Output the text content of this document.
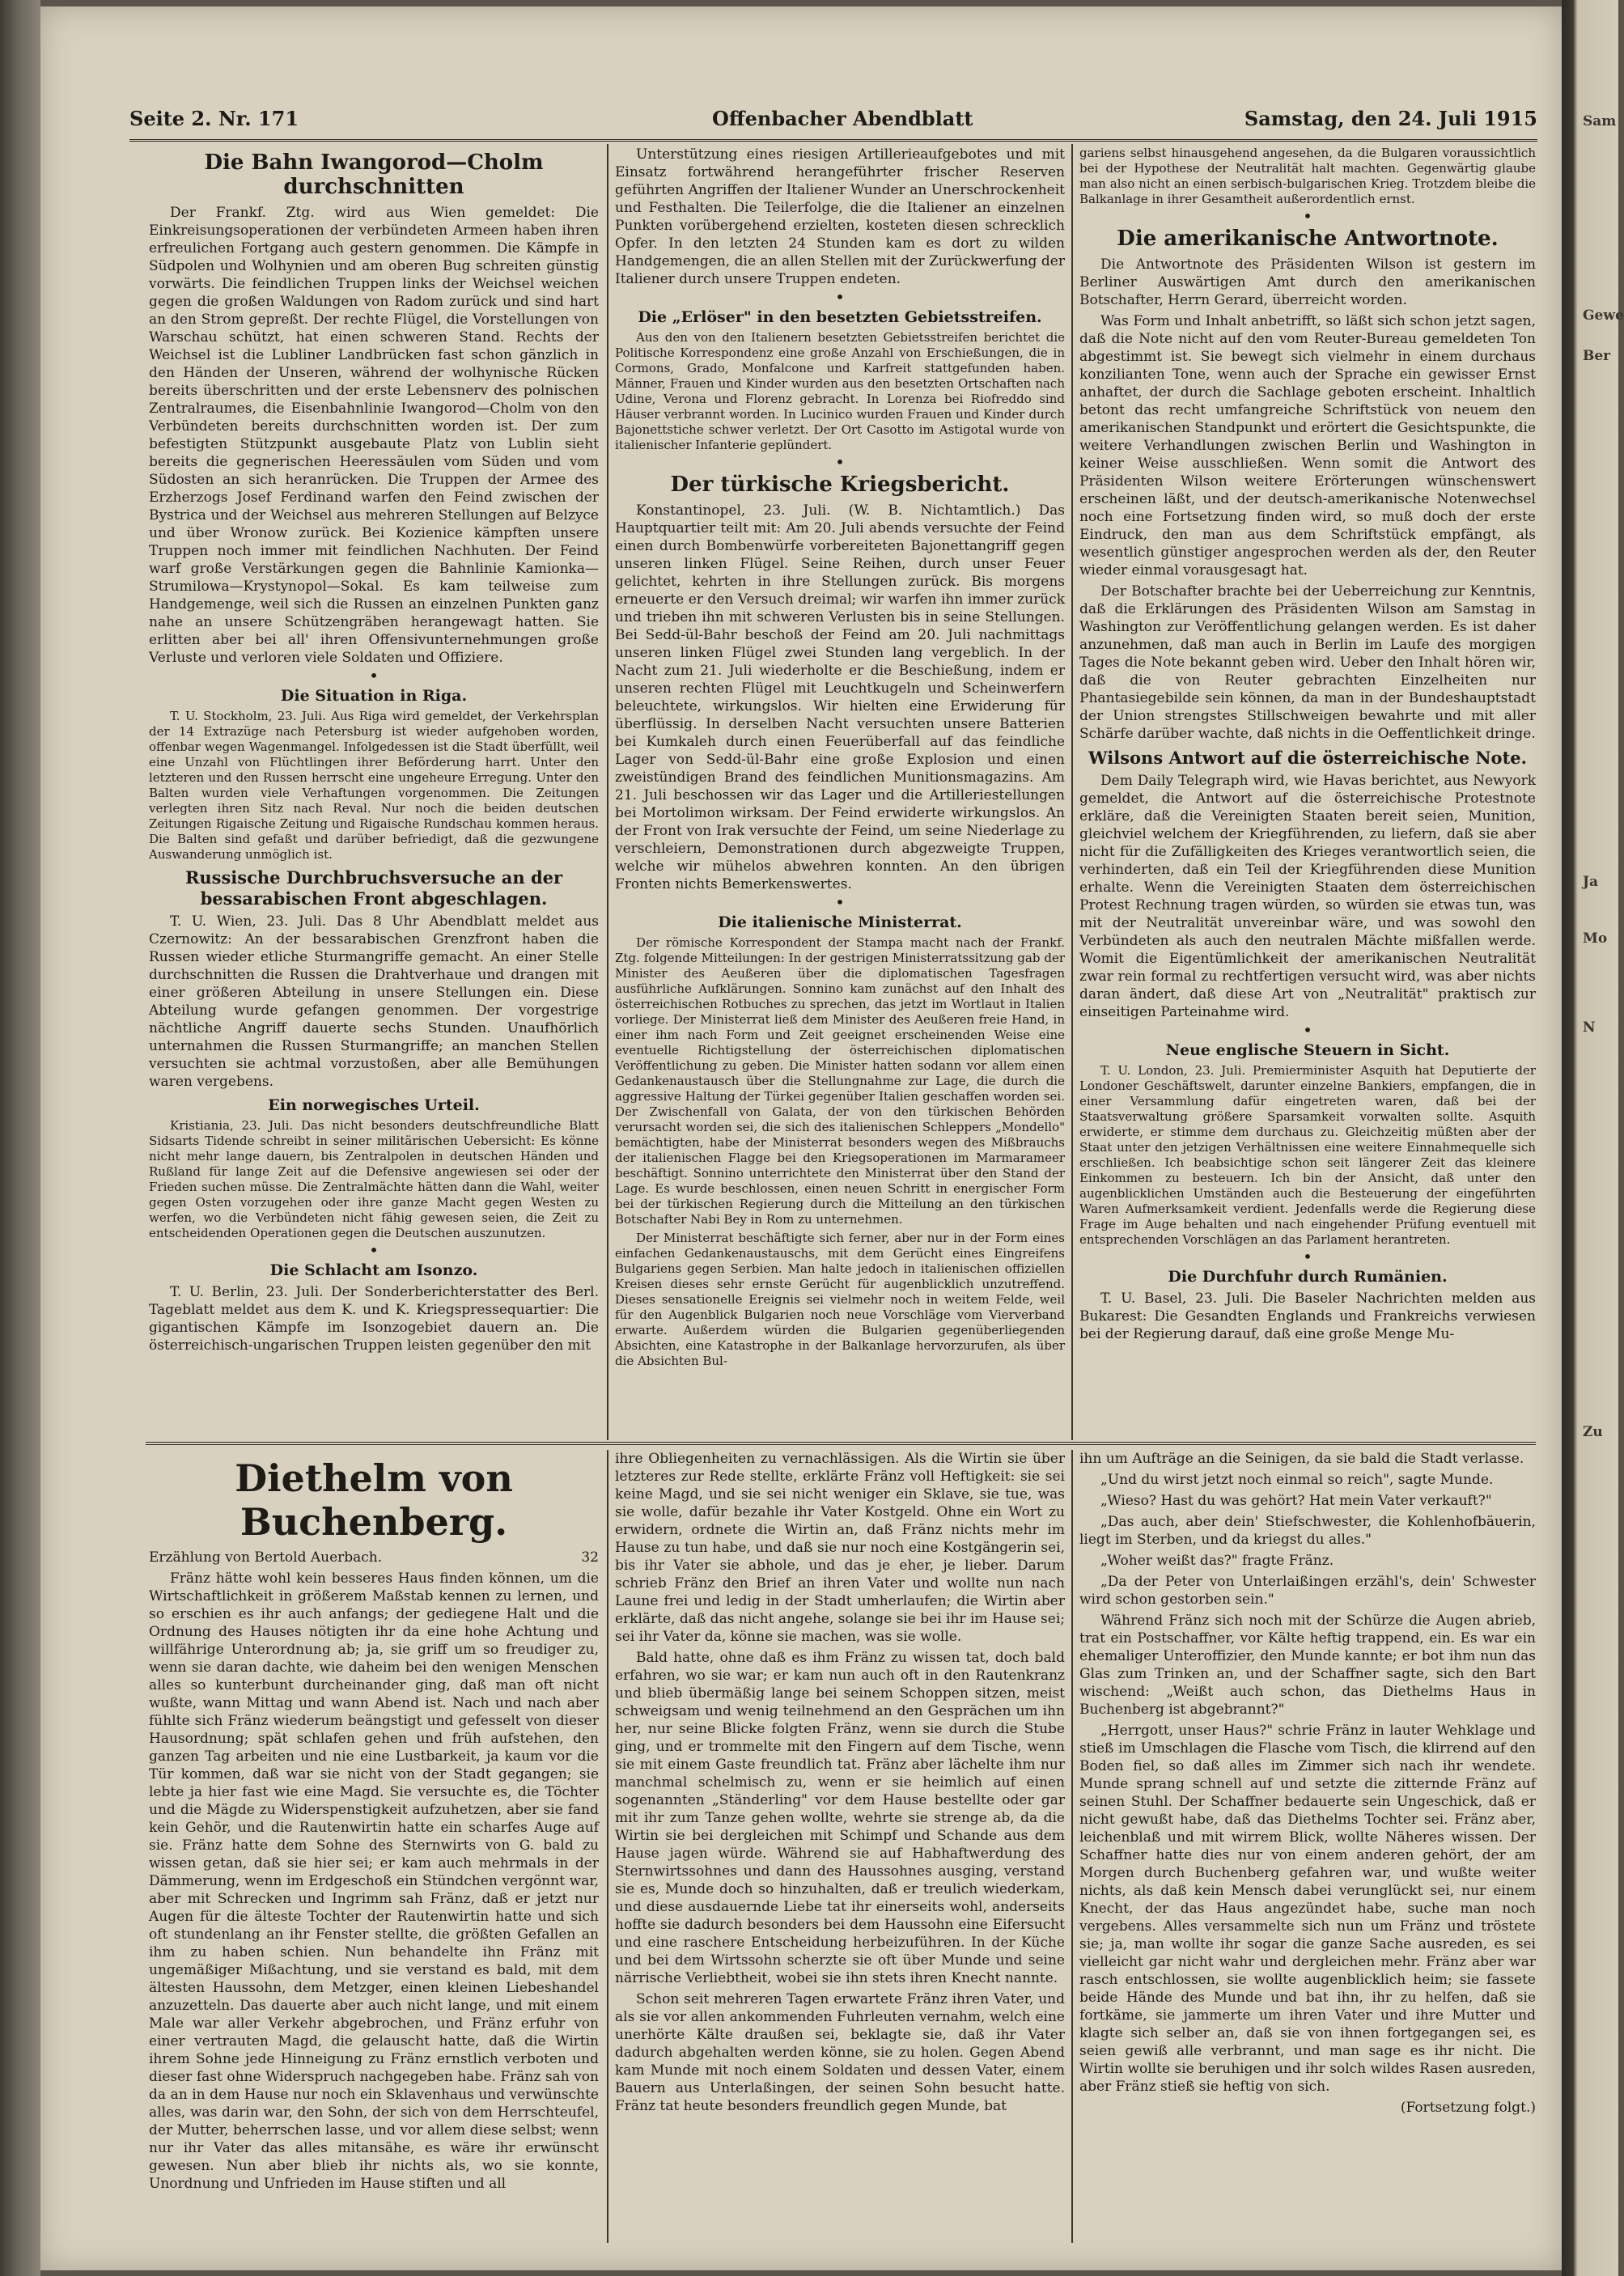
Sam
Gewe
Ber
Ja
Mo
N
Zu
Seite 2. Nr. 171	Offenbacher Abendblatt	Samstag, den 24. Juli 1915
Die Bahn Iwangorod—Cholm durchschnitten

Der Frankf. Ztg. wird aus Wien gemeldet: Die Einkreisungsoperationen der verbündeten Armeen haben ihren erfreulichen Fortgang auch gestern genommen. Die Kämpfe in Südpolen und Wolhynien und am oberen Bug schreiten günstig vorwärts. Die feindlichen Truppen links der Weichsel weichen gegen die großen Waldungen von Radom zurück und sind hart an den Strom gepreßt. Der rechte Flügel, die Vorstellungen von Warschau schützt, hat einen schweren Stand. Rechts der Weichsel ist die Lubliner Landbrücken fast schon gänzlich in den Händen der Unseren, während der wolhynische Rücken bereits überschritten und der erste Lebensnerv des polnischen Zentralraumes, die Eisenbahnlinie Iwangorod—Cholm von den Verbündeten bereits durchschnitten worden ist. Der zum befestigten Stützpunkt ausgebaute Platz von Lublin sieht bereits die gegnerischen Heeressäulen vom Süden und vom Südosten an sich heranrücken. Die Truppen der Armee des Erzherzogs Josef Ferdinand warfen den Feind zwischen der Bystrica und der Weichsel aus mehreren Stellungen auf Belzyce und über Wronow zurück. Bei Kozienice kämpften unsere Truppen noch immer mit feindlichen Nachhuten. Der Feind warf große Verstärkungen gegen die Bahnlinie Kamionka—Strumilowa—Krystynopol—Sokal. Es kam teilweise zum Handgemenge, weil sich die Russen an einzelnen Punkten ganz nahe an unsere Schützengräben herangewagt hatten. Sie erlitten aber bei all' ihren Offensivunternehmungen große Verluste und verloren viele Soldaten und Offiziere.

•
Die Situation in Riga.

T. U. Stockholm, 23. Juli. Aus Riga wird gemeldet, der Verkehrsplan der 14 Extrazüge nach Petersburg ist wieder aufgehoben worden, offenbar wegen Wagenmangel. Infolgedessen ist die Stadt überfüllt, weil eine Unzahl von Flüchtlingen ihrer Beförderung harrt. Unter den letzteren und den Russen herrscht eine ungeheure Erregung. Unter den Balten wurden viele Verhaftungen vorgenommen. Die Zeitungen verlegten ihren Sitz nach Reval. Nur noch die beiden deutschen Zeitungen Rigaische Zeitung und Rigaische Rundschau kommen heraus. Die Balten sind gefaßt und darüber befriedigt, daß die gezwungene Auswanderung unmöglich ist.

Russische Durchbruchsversuche an der bessarabischen Front abgeschlagen.

T. U. Wien, 23. Juli. Das 8 Uhr Abendblatt meldet aus Czernowitz: An der bessarabischen Grenzfront haben die Russen wieder etliche Sturmangriffe gemacht. An einer Stelle durchschnitten die Russen die Drahtverhaue und drangen mit einer größeren Abteilung in unsere Stellungen ein. Diese Abteilung wurde gefangen genommen. Der vorgestrige nächtliche Angriff dauerte sechs Stunden. Unaufhörlich unternahmen die Russen Sturmangriffe; an manchen Stellen versuchten sie achtmal vorzustoßen, aber alle Bemühungen waren vergebens.

Ein norwegisches Urteil.

Kristiania, 23. Juli. Das nicht besonders deutschfreundliche Blatt Sidsarts Tidende schreibt in seiner militärischen Uebersicht: Es könne nicht mehr lange dauern, bis Zentralpolen in deutschen Händen und Rußland für lange Zeit auf die Defensive angewiesen sei oder der Frieden suchen müsse. Die Zentralmächte hätten dann die Wahl, weiter gegen Osten vorzugehen oder ihre ganze Macht gegen Westen zu werfen, wo die Verbündeten nicht fähig gewesen seien, die Zeit zu entscheidenden Operationen gegen die Deutschen auszunutzen.

•
Die Schlacht am Isonzo.

T. U. Berlin, 23. Juli. Der Sonderberichterstatter des Berl. Tageblatt meldet aus dem K. und K. Kriegspressequartier: Die gigantischen Kämpfe im Isonzogebiet dauern an. Die österreichisch-ungarischen Truppen leisten gegenüber den mit

Unterstützung eines riesigen Artillerieaufgebotes und mit Einsatz fortwährend herangeführter frischer Reserven geführten Angriffen der Italiener Wunder an Unerschrockenheit und Festhalten. Die Teilerfolge, die die Italiener an einzelnen Punkten vorübergehend erzielten, kosteten diesen schrecklich Opfer. In den letzten 24 Stunden kam es dort zu wilden Handgemengen, die an allen Stellen mit der Zurückwerfung der Italiener durch unsere Truppen endeten.

•
Die „Erlöser" in den besetzten Gebietsstreifen.

Aus den von den Italienern besetzten Gebietsstreifen berichtet die Politische Korrespondenz eine große Anzahl von Erschießungen, die in Cormons, Grado, Monfalcone und Karfreit stattgefunden haben. Männer, Frauen und Kinder wurden aus den besetzten Ortschaften nach Udine, Verona und Florenz gebracht. In Lorenza bei Riofreddo sind Häuser verbrannt worden. In Lucinico wurden Frauen und Kinder durch Bajonettstiche schwer verletzt. Der Ort Casotto im Astigotal wurde von italienischer Infanterie geplündert.

•
Der türkische Kriegsbericht.

Konstantinopel, 23. Juli. (W. B. Nichtamtlich.) Das Hauptquartier teilt mit: Am 20. Juli abends versuchte der Feind einen durch Bombenwürfe vorbereiteten Bajonettangriff gegen unseren linken Flügel. Seine Reihen, durch unser Feuer gelichtet, kehrten in ihre Stellungen zurück. Bis morgens erneuerte er den Versuch dreimal; wir warfen ihn immer zurück und trieben ihn mit schweren Verlusten bis in seine Stellungen. Bei Sedd-ül-Bahr beschoß der Feind am 20. Juli nachmittags unseren linken Flügel zwei Stunden lang vergeblich. In der Nacht zum 21. Juli wiederholte er die Beschießung, indem er unseren rechten Flügel mit Leuchtkugeln und Scheinwerfern beleuchtete, wirkungslos. Wir hielten eine Erwiderung für überflüssig. In derselben Nacht versuchten unsere Batterien bei Kumkaleh durch einen Feuerüberfall auf das feindliche Lager von Sedd-ül-Bahr eine große Explosion und einen zweistündigen Brand des feindlichen Munitionsmagazins. Am 21. Juli beschossen wir das Lager und die Artilleriestellungen bei Mortolimon wirksam. Der Feind erwiderte wirkungslos. An der Front von Irak versuchte der Feind, um seine Niederlage zu verschleiern, Demonstrationen durch abgezweigte Truppen, welche wir mühelos abwehren konnten. An den übrigen Fronten nichts Bemerkenswertes.

•
Die italienische Ministerrat.

Der römische Korrespondent der Stampa macht nach der Frankf. Ztg. folgende Mitteilungen: In der gestrigen Ministerratssitzung gab der Minister des Aeußeren über die diplomatischen Tagesfragen ausführliche Aufklärungen. Sonnino kam zunächst auf den Inhalt des österreichischen Rotbuches zu sprechen, das jetzt im Wortlaut in Italien vorliege. Der Ministerrat ließ dem Minister des Aeußeren freie Hand, in einer ihm nach Form und Zeit geeignet erscheinenden Weise eine eventuelle Richtigstellung der österreichischen diplomatischen Veröffentlichung zu geben. Die Minister hatten sodann vor allem einen Gedankenaustausch über die Stellungnahme zur Lage, die durch die aggressive Haltung der Türkei gegenüber Italien geschaffen worden sei. Der Zwischenfall von Galata, der von den türkischen Behörden verursacht worden sei, die sich des italienischen Schleppers „Mondello" bemächtigten, habe der Ministerrat besonders wegen des Mißbrauchs der italienischen Flagge bei den Kriegsoperationen im Marmarameer beschäftigt. Sonnino unterrichtete den Ministerrat über den Stand der Lage. Es wurde beschlossen, einen neuen Schritt in energischer Form bei der türkischen Regierung durch die Mitteilung an den türkischen Botschafter Nabi Bey in Rom zu unternehmen.

Der Ministerrat beschäftigte sich ferner, aber nur in der Form eines einfachen Gedankenaustauschs, mit dem Gerücht eines Eingreifens Bulgariens gegen Serbien. Man halte jedoch in italienischen offiziellen Kreisen dieses sehr ernste Gerücht für augenblicklich unzutreffend. Dieses sensationelle Ereignis sei vielmehr noch in weitem Felde, weil für den Augenblick Bulgarien noch neue Vorschläge vom Vierverband erwarte. Außerdem würden die Bulgarien gegenüberliegenden Absichten, eine Katastrophe in der Balkanlage hervorzurufen, als über die Absichten Bul-

gariens selbst hinausgehend angesehen, da die Bulgaren voraussichtlich bei der Hypothese der Neutralität halt machten. Gegenwärtig glaube man also nicht an einen serbisch-bulgarischen Krieg. Trotzdem bleibe die Balkanlage in ihrer Gesamtheit außerordentlich ernst.

•
Die amerikanische Antwortnote.

Die Antwortnote des Präsidenten Wilson ist gestern im Berliner Auswärtigen Amt durch den amerikanischen Botschafter, Herrn Gerard, überreicht worden.

Was Form und Inhalt anbetrifft, so läßt sich schon jetzt sagen, daß die Note nicht auf den vom Reuter-Bureau gemeldeten Ton abgestimmt ist. Sie bewegt sich vielmehr in einem durchaus konzilianten Tone, wenn auch der Sprache ein gewisser Ernst anhaftet, der durch die Sachlage geboten erscheint. Inhaltlich betont das recht umfangreiche Schriftstück von neuem den amerikanischen Standpunkt und erörtert die Gesichtspunkte, die weitere Verhandlungen zwischen Berlin und Washington in keiner Weise ausschließen. Wenn somit die Antwort des Präsidenten Wilson weitere Erörterungen wünschenswert erscheinen läßt, und der deutsch-amerikanische Notenwechsel noch eine Fortsetzung finden wird, so muß doch der erste Eindruck, den man aus dem Schriftstück empfängt, als wesentlich günstiger angesprochen werden als der, den Reuter wieder einmal vorausgesagt hat.

Der Botschafter brachte bei der Ueberreichung zur Kenntnis, daß die Erklärungen des Präsidenten Wilson am Samstag in Washington zur Veröffentlichung gelangen werden. Es ist daher anzunehmen, daß man auch in Berlin im Laufe des morgigen Tages die Note bekannt geben wird. Ueber den Inhalt hören wir, daß die von Reuter gebrachten Einzelheiten nur Phantasiegebilde sein können, da man in der Bundeshauptstadt der Union strengstes Stillschweigen bewahrte und mit aller Schärfe darüber wachte, daß nichts in die Oeffentlichkeit dringe.

Wilsons Antwort auf die österreichische Note.

Dem Daily Telegraph wird, wie Havas berichtet, aus Newyork gemeldet, die Antwort auf die österreichische Protestnote erkläre, daß die Vereinigten Staaten bereit seien, Munition, gleichviel welchem der Kriegführenden, zu liefern, daß sie aber nicht für die Zufälligkeiten des Krieges verantwortlich seien, die verhinderten, daß ein Teil der Kriegführenden diese Munition erhalte. Wenn die Vereinigten Staaten dem österreichischen Protest Rechnung tragen würden, so würden sie etwas tun, was mit der Neutralität unvereinbar wäre, und was sowohl den Verbündeten als auch den neutralen Mächte mißfallen werde. Womit die Eigentümlichkeit der amerikanischen Neutralität zwar rein formal zu rechtfertigen versucht wird, was aber nichts daran ändert, daß diese Art von „Neutralität" praktisch zur einseitigen Parteinahme wird.

•
Neue englische Steuern in Sicht.

T. U. London, 23. Juli. Premierminister Asquith hat Deputierte der Londoner Geschäftswelt, darunter einzelne Bankiers, empfangen, die in einer Versammlung dafür eingetreten waren, daß bei der Staatsverwaltung größere Sparsamkeit vorwalten sollte. Asquith erwiderte, er stimme dem durchaus zu. Gleichzeitig müßten aber der Staat unter den jetzigen Verhältnissen eine weitere Einnahmequelle sich erschließen. Ich beabsichtige schon seit längerer Zeit das kleinere Einkommen zu besteuern. Ich bin der Ansicht, daß unter den augenblicklichen Umständen auch die Besteuerung der eingeführten Waren Aufmerksamkeit verdient. Jedenfalls werde die Regierung diese Frage im Auge behalten und nach eingehender Prüfung eventuell mit entsprechenden Vorschlägen an das Parlament herantreten.

•
Die Durchfuhr durch Rumänien.

T. U. Basel, 23. Juli. Die Baseler Nachrichten melden aus Bukarest: Die Gesandten Englands und Frankreichs verwiesen bei der Regierung darauf, daß eine große Menge Mu-

Diethelm von Buchenberg.
Erzählung von Bertold Auerbach.	32

Fränz hätte wohl kein besseres Haus finden können, um die Wirtschaftlichkeit in größerem Maßstab kennen zu lernen, und so erschien es ihr auch anfangs; der gediegene Halt und die Ordnung des Hauses nötigten ihr da eine hohe Achtung und willfährige Unterordnung ab; ja, sie griff um so freudiger zu, wenn sie daran dachte, wie daheim bei den wenigen Menschen alles so kunterbunt durcheinander ging, daß man oft nicht wußte, wann Mittag und wann Abend ist. Nach und nach aber fühlte sich Fränz wiederum beängstigt und gefesselt von dieser Hausordnung; spät schlafen gehen und früh aufstehen, den ganzen Tag arbeiten und nie eine Lustbarkeit, ja kaum vor die Tür kommen, daß war sie nicht von der Stadt gegangen; sie lebte ja hier fast wie eine Magd. Sie versuchte es, die Töchter und die Mägde zu Widerspenstigkeit aufzuhetzen, aber sie fand kein Gehör, und die Rautenwirtin hatte ein scharfes Auge auf sie. Fränz hatte dem Sohne des Sternwirts von G. bald zu wissen getan, daß sie hier sei; er kam auch mehrmals in der Dämmerung, wenn im Erdgeschoß ein Stündchen vergönnt war, aber mit Schrecken und Ingrimm sah Fränz, daß er jetzt nur Augen für die älteste Tochter der Rautenwirtin hatte und sich oft stundenlang an ihr Fenster stellte, die größten Gefallen an ihm zu haben schien. Nun behandelte ihn Fränz mit ungemäßiger Mißachtung, und sie verstand es bald, mit dem ältesten Haussohn, dem Metzger, einen kleinen Liebeshandel anzuzetteln. Das dauerte aber auch nicht lange, und mit einem Male war aller Verkehr abgebrochen, und Fränz erfuhr von einer vertrauten Magd, die gelauscht hatte, daß die Wirtin ihrem Sohne jede Hinneigung zu Fränz ernstlich verboten und dieser fast ohne Widerspruch nachgegeben habe. Fränz sah von da an in dem Hause nur noch ein Sklavenhaus und verwünschte alles, was darin war, den Sohn, der sich von dem Herrschteufel, der Mutter, beherrschen lasse, und vor allem diese selbst; wenn nur ihr Vater das alles mitansähe, es wäre ihr erwünscht gewesen. Nun aber blieb ihr nichts als, wo sie konnte, Unordnung und Unfrieden im Hause stiften und all

ihre Obliegenheiten zu vernachlässigen. Als die Wirtin sie über letzteres zur Rede stellte, erklärte Fränz voll Heftigkeit: sie sei keine Magd, und sie sei nicht weniger ein Sklave, sie tue, was sie wolle, dafür bezahle ihr Vater Kostgeld. Ohne ein Wort zu erwidern, ordnete die Wirtin an, daß Fränz nichts mehr im Hause zu tun habe, und daß sie nur noch eine Kostgängerin sei, bis ihr Vater sie abhole, und das je eher, je lieber. Darum schrieb Fränz den Brief an ihren Vater und wollte nun nach Laune frei und ledig in der Stadt umherlaufen; die Wirtin aber erklärte, daß das nicht angehe, solange sie bei ihr im Hause sei; sei ihr Vater da, könne sie machen, was sie wolle.

Bald hatte, ohne daß es ihm Fränz zu wissen tat, doch bald erfahren, wo sie war; er kam nun auch oft in den Rautenkranz und blieb übermäßig lange bei seinem Schoppen sitzen, meist schweigsam und wenig teilnehmend an den Gesprächen um ihn her, nur seine Blicke folgten Fränz, wenn sie durch die Stube ging, und er trommelte mit den Fingern auf dem Tische, wenn sie mit einem Gaste freundlich tat. Fränz aber lächelte ihm nur manchmal schelmisch zu, wenn er sie heimlich auf einen sogenannten „Ständerling" vor dem Hause bestellte oder gar mit ihr zum Tanze gehen wollte, wehrte sie strenge ab, da die Wirtin sie bei dergleichen mit Schimpf und Schande aus dem Hause jagen würde. Während sie auf Habhaftwerdung des Sternwirtssohnes und dann des Haussohnes ausging, verstand sie es, Munde doch so hinzuhalten, daß er treulich wiederkam, und diese ausdauernde Liebe tat ihr einerseits wohl, anderseits hoffte sie dadurch besonders bei dem Haussohn eine Eifersucht und eine raschere Entscheidung herbeizuführen. In der Küche und bei dem Wirtssohn scherzte sie oft über Munde und seine närrische Verliebtheit, wobei sie ihn stets ihren Knecht nannte.

Schon seit mehreren Tagen erwartete Fränz ihren Vater, und als sie vor allen ankommenden Fuhrleuten vernahm, welch eine unerhörte Kälte draußen sei, beklagte sie, daß ihr Vater dadurch abgehalten werden könne, sie zu holen. Gegen Abend kam Munde mit noch einem Soldaten und dessen Vater, einem Bauern aus Unterlaßingen, der seinen Sohn besucht hatte. Fränz tat heute besonders freundlich gegen Munde, bat

ihn um Aufträge an die Seinigen, da sie bald die Stadt verlasse.

„Und du wirst jetzt noch einmal so reich", sagte Munde.

„Wieso? Hast du was gehört? Hat mein Vater verkauft?"

„Das auch, aber dein' Stiefschwester, die Kohlenhofbäuerin, liegt im Sterben, und da kriegst du alles."

„Woher weißt das?" fragte Fränz.

„Da der Peter von Unterlaißingen erzähl's, dein' Schwester wird schon gestorben sein."

Während Fränz sich noch mit der Schürze die Augen abrieb, trat ein Postschaffner, vor Kälte heftig trappend, ein. Es war ein ehemaliger Unteroffizier, den Munde kannte; er bot ihm nun das Glas zum Trinken an, und der Schaffner sagte, sich den Bart wischend: „Weißt auch schon, das Diethelms Haus in Buchenberg ist abgebrannt?"

„Herrgott, unser Haus?" schrie Fränz in lauter Wehklage und stieß im Umschlagen die Flasche vom Tisch, die klirrend auf den Boden fiel, so daß alles im Zimmer sich nach ihr wendete. Munde sprang schnell auf und setzte die zitternde Fränz auf seinen Stuhl. Der Schaffner bedauerte sein Ungeschick, daß er nicht gewußt habe, daß das Diethelms Tochter sei. Fränz aber, leichenblaß und mit wirrem Blick, wollte Näheres wissen. Der Schaffner hatte dies nur von einem anderen gehört, der am Morgen durch Buchenberg gefahren war, und wußte weiter nichts, als daß kein Mensch dabei verunglückt sei, nur einem Knecht, der das Haus angezündet habe, suche man noch vergebens. Alles versammelte sich nun um Fränz und tröstete sie; ja, man wollte ihr sogar die ganze Sache ausreden, es sei vielleicht gar nicht wahr und dergleichen mehr. Fränz aber war rasch entschlossen, sie wollte augenblicklich heim; sie fassete beide Hände des Munde und bat ihn, ihr zu helfen, daß sie fortkäme, sie jammerte um ihren Vater und ihre Mutter und klagte sich selber an, daß sie von ihnen fortgegangen sei, es seien gewiß alle verbrannt, und man sage es ihr nicht. Die Wirtin wollte sie beruhigen und ihr solch wildes Rasen ausreden, aber Fränz stieß sie heftig von sich.

(Fortsetzung folgt.)
